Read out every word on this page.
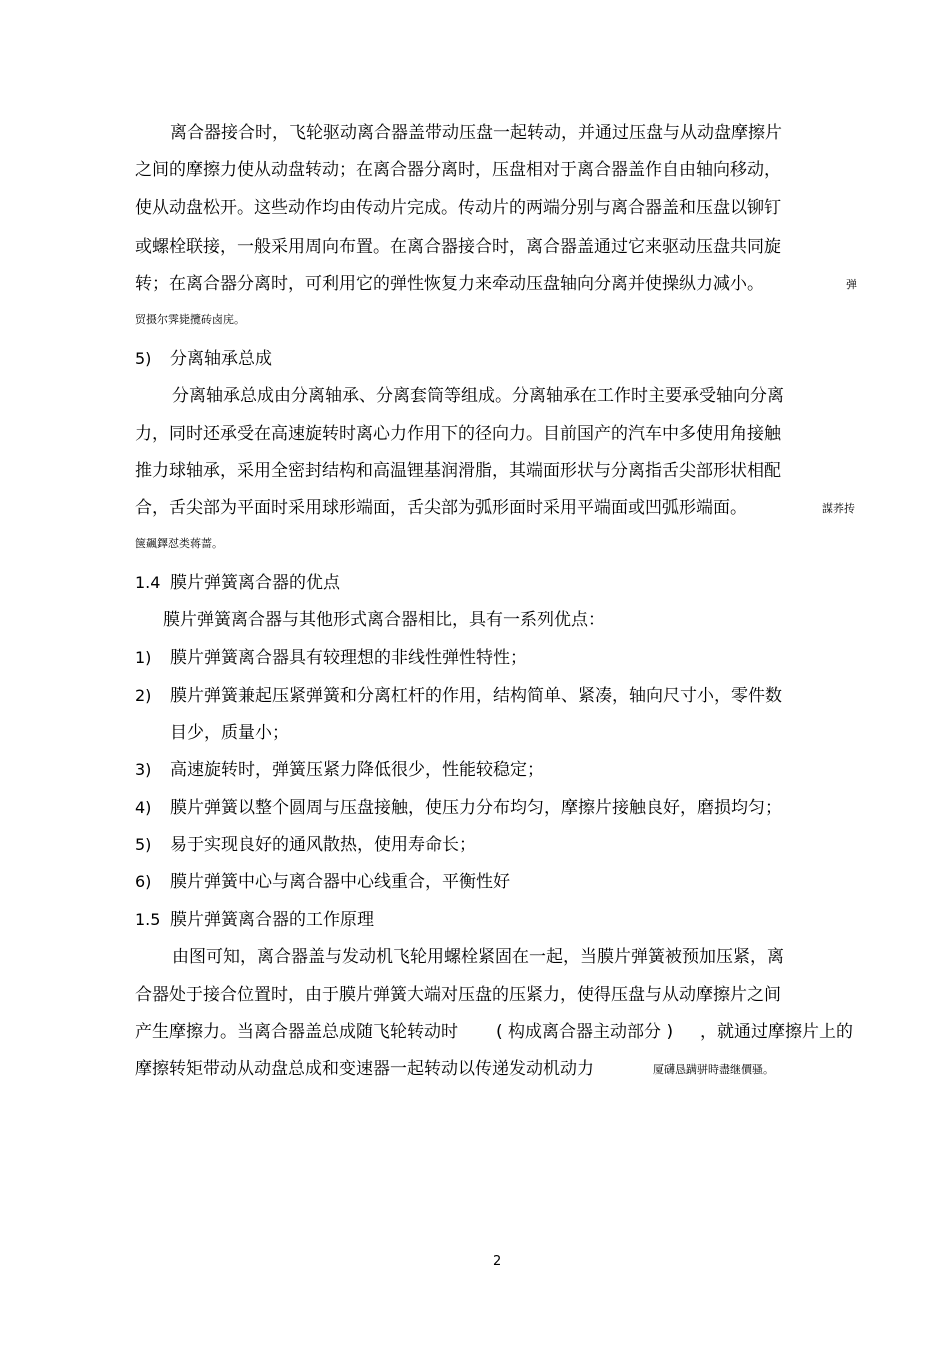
离合器接合时，飞轮驱动离合器盖带动压盘一起转动，并通过压盘与从动盘摩擦片
之间的摩擦力使从动盘转动；在离合器分离时，压盘相对于离合器盖作自由轴向移动，
使从动盘松开。这些动作均由传动片完成。传动片的两端分别与离合器盖和压盘以铆钉
或螺栓联接，一般采用周向布置。在离合器接合时，离合器盖通过它来驱动压盘共同旋
转；在离合器分离时，可利用它的弹性恢复力来牵动压盘轴向分离并使操纵力减小。	弹
贸摄尔霁毙攬砖卤庑。
5) 分离轴承总成
分离轴承总成由分离轴承、分离套筒等组成。分离轴承在工作时主要承受轴向分离
力，同时还承受在高速旋转时离心力作用下的径向力。目前国产的汽车中多使用角接触
推力球轴承，采用全密封结构和高温锂基润滑脂，其端面形状与分离指舌尖部形状相配
合，舌尖部为平面时采用球形端面，舌尖部为弧形面时采用平端面或凹弧形端面。	謀荞抟
箧飆鐸怼类蒋蔷。
1.4 膜片弹簧离合器的优点
膜片弹簧离合器与其他形式离合器相比，具有一系列优点：
1) 膜片弹簧离合器具有较理想的非线性弹性特性；
2) 膜片弹簧兼起压紧弹簧和分离杠杆的作用，结构简单、紧凑，轴向尺寸小，零件数
目少，质量小；
3) 高速旋转时，弹簧压紧力降低很少，性能较稳定；
4) 膜片弹簧以整个圆周与压盘接触，使压力分布均匀，摩擦片接触良好，磨损均匀；
5) 易于实现良好的通风散热，使用寿命长；
6) 膜片弹簧中心与离合器中心线重合，平衡性好
1.5 膜片弹簧离合器的工作原理
由图可知，离合器盖与发动机飞轮用螺栓紧固在一起，当膜片弹簧被预加压紧，离
合器处于接合位置时，由于膜片弹簧大端对压盘的压紧力，使得压盘与从动摩擦片之间
产生摩擦力。当离合器盖总成随飞轮转动时 ( 构成离合器主动部分 ) ，就通过摩擦片上的
摩擦转矩带动从动盘总成和变速器一起转动以传递发动机动力	厦礴恳蹒骈時盡继價骚。
2
